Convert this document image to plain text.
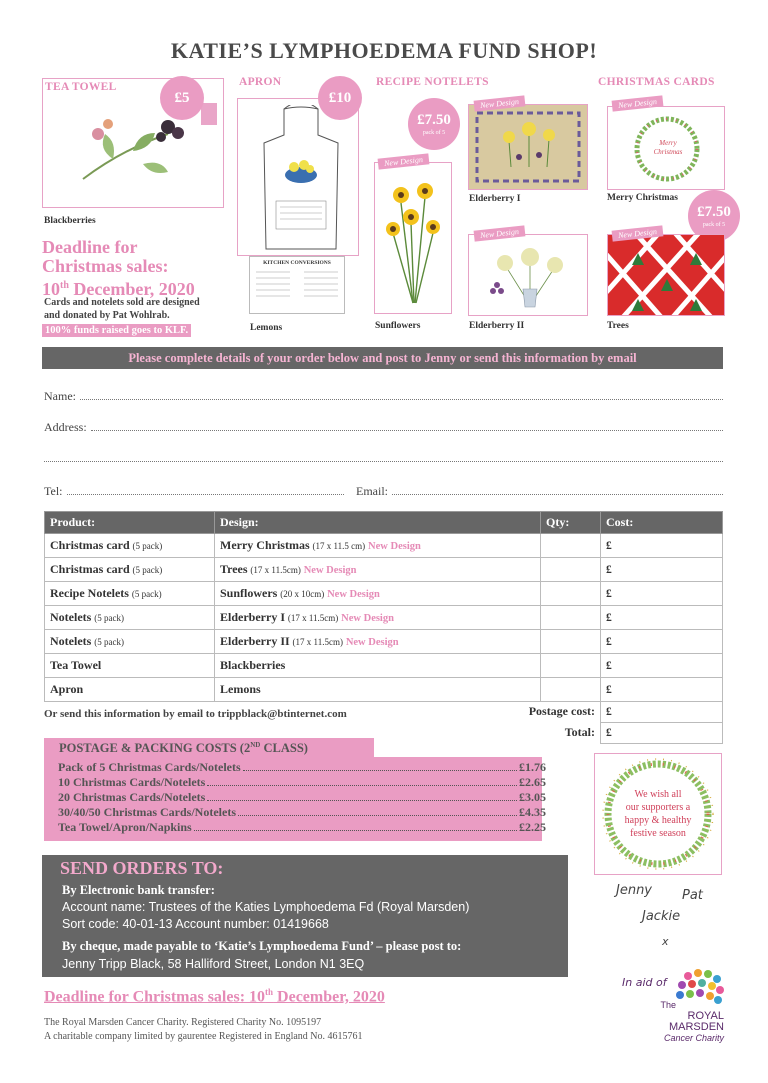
KATIE’S LYMPHOEDEMA FUND SHOP!
TEA TOWEL
£5
Blackberries
Deadline for
Christmas sales:
10th December, 2020
Cards and notelets sold are designed
and donated by Pat Wohlrab.
100% funds raised goes to KLF.
APRON
£10
KITCHEN CONVERSIONS
Lemons
RECIPE NOTELETS
£7.50
pack of 5
New Design
Sunflowers
New Design
Elderberry I
New Design
Elderberry II
CHRISTMAS CARDS
Merry Christmas
New Design
Merry Christmas
£7.50
pack of 5
New Design
Trees
Please complete details of your order below and post to Jenny or send this information by email
Name:
Address:
Tel:	Email:
Product:	Design:	Qty:	Cost:
Christmas card (5 pack)	Merry Christmas (17 x 11.5 cm) New Design		£
Christmas card (5 pack)	Trees (17 x 11.5cm) New Design		£
Recipe Notelets (5 pack)	Sunflowers (20 x 10cm) New Design		£
Notelets (5 pack)	Elderberry I (17 x 11.5cm) New Design		£
Notelets (5 pack)	Elderberry II (17 x 11.5cm) New Design		£
Tea Towel	Blackberries		£
Apron	Lemons		£
Postage cost:			£
Total:			£
Or send this information by email to trippblack@btinternet.com
POSTAGE & PACKING COSTS (2ND CLASS)
Pack of 5 Christmas Cards/Notelets	£1.76
10 Christmas Cards/Notelets	£2.65
20 Christmas Cards/Notelets	£3.05
30/40/50 Christmas Cards/Notelets	£4.35
Tea Towel/Apron/Napkins	£2.25
SEND ORDERS TO:
By Electronic bank transfer:
Account name: Trustees of the Katies Lymphoedema Fd (Royal Marsden)
Sort code: 40-01-13 Account number: 01419668
By cheque, made payable to ‘Katie’s Lymphoedema Fund’ – please post to:
Jenny Tripp Black, 58 Halliford Street, London N1 3EQ
We wish all
our supporters a
happy & healthy
festive season
Jenny Pat
Jackie
x
In aid of
The
ROYAL
MARSDEN
Cancer Charity
Deadline for Christmas sales: 10th December, 2020
The Royal Marsden Cancer Charity. Registered Charity No. 1095197
A charitable company limited by gaurentee Registered in England No. 4615761
